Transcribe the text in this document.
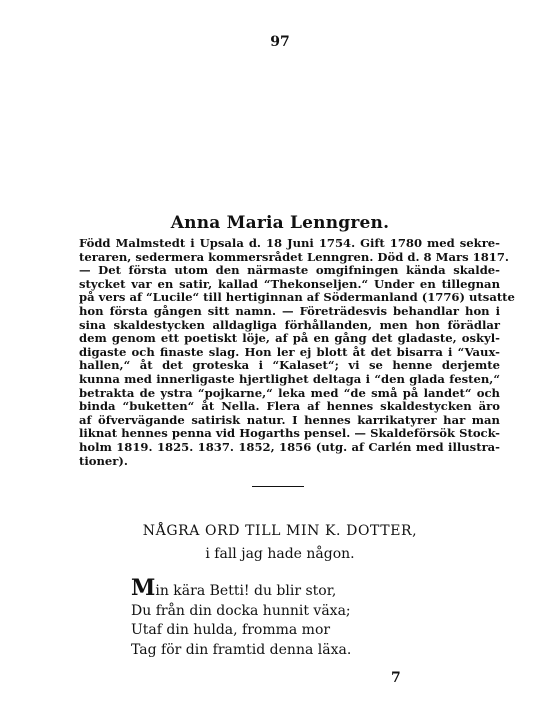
97
Anna Maria Lenngren.
Född Malmstedt i Upsala d. 18 Juni 1754. Gift 1780 med sekre-
teraren, sedermera kommersrådet Lenngren. Död d. 8 Mars 1817.
— Det första utom den närmaste omgifningen kända skalde-
stycket var en satir, kallad “Thekonseljen.“ Under en tillegnan
på vers af “Lucile“ till hertiginnan af Södermanland (1776) utsatte
hon första gången sitt namn. — Företrädesvis behandlar hon i
sina skaldestycken alldagliga förhållanden, men hon förädlar
dem genom ett poetiskt löje, af på en gång det gladaste, oskyl-
digaste och finaste slag. Hon ler ej blott åt det bisarra i “Vaux-
hallen,“ åt det groteska i “Kalaset“; vi se henne derjemte
kunna med innerligaste hjertlighet deltaga i “den glada festen,“
betrakta de ystra “pojkarne,“ leka med “de små på landet“ och
binda “buketten“ åt Nella. Flera af hennes skaldestycken äro
af öfvervägande satirisk natur. I hennes karrikatyrer har man
liknat hennes penna vid Hogarths pensel. — Skaldeförsök Stock-
holm 1819. 1825. 1837. 1852, 1856 (utg. af Carlén med illustra-
tioner).
NÅGRA ORD TILL MIN K. DOTTER,
i fall jag hade någon.
Min kära Betti! du blir stor,
Du från din docka hunnit växa;
Utaf din hulda, fromma mor
Tag för din framtid denna läxa.
7
